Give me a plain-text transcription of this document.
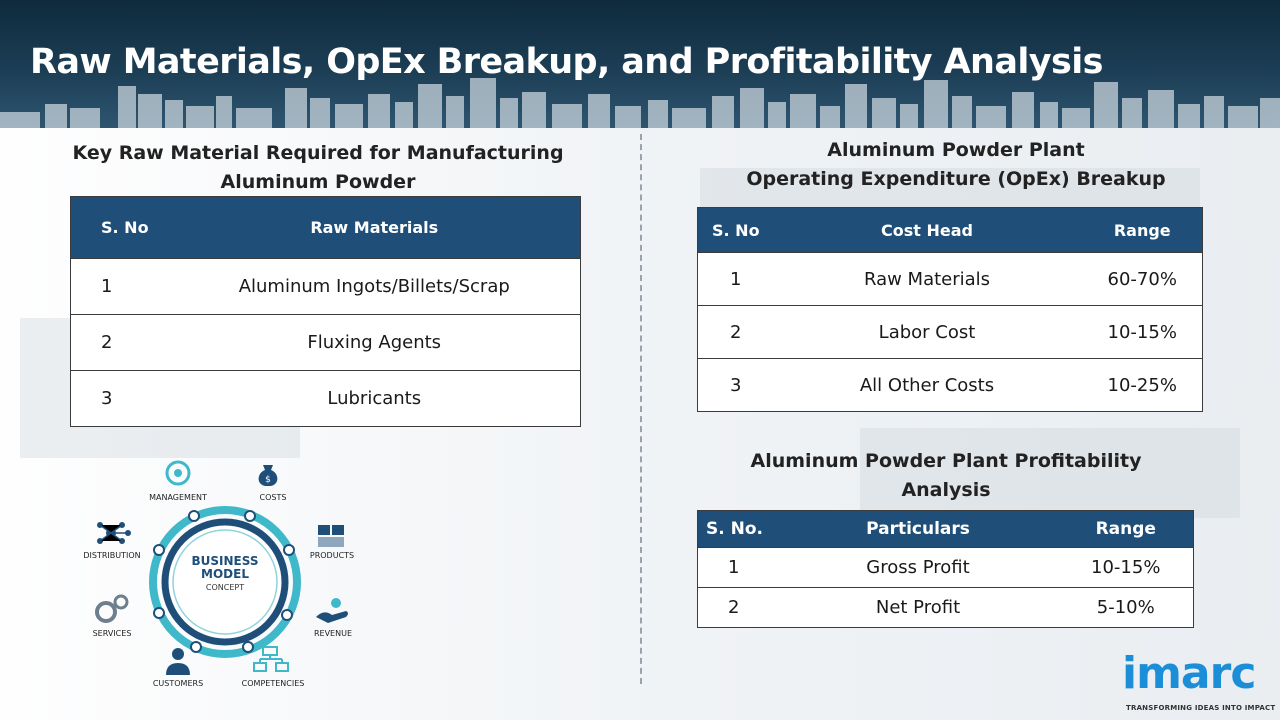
Raw Materials, OpEx Breakup, and Profitability Analysis
Key Raw Material Required for Manufacturing
Aluminum Powder
S. No	Raw Materials
1	Aluminum Ingots/Billets/Scrap
2	Fluxing Agents
3	Lubricants
$
BUSINESS
MODEL
CONCEPT
MANAGEMENT	COSTS
PRODUCTS
REVENUE
COMPETENCIES
CUSTOMERS
SERVICES
DISTRIBUTION
Aluminum Powder Plant
Operating Expenditure (OpEx) Breakup
S. No	Cost Head	Range
1	Raw Materials	60-70%
2	Labor Cost	10-15%
3	All Other Costs	10-25%
Aluminum Powder Plant Profitability
Analysis
S. No.	Particulars	Range
1	Gross Profit	10-15%
2	Net Profit	5-10%
imarc
TRANSFORMING IDEAS INTO IMPACT
